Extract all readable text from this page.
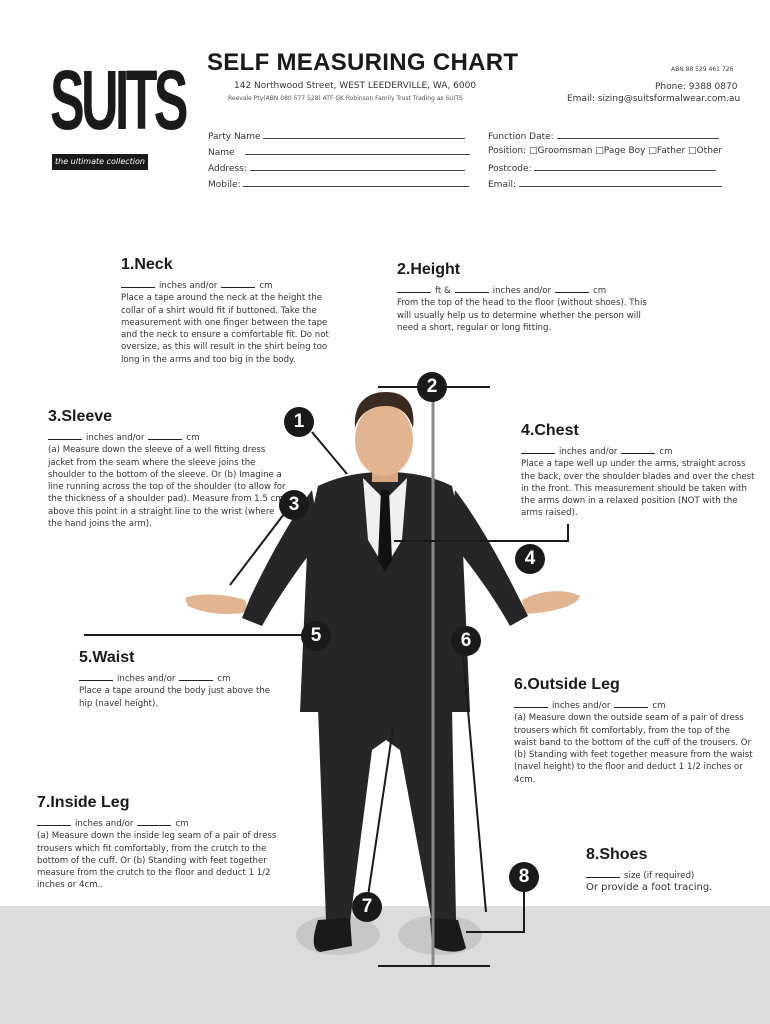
SUITS
the ultimate collection
SELF MEASURING CHART
142 Northwood Street, WEST LEEDERVILLE, WA, 6000
Reevale Pty(ABN 080 577 528) ATF GK Robinson Family Trust Trading as SUITS
ABN 88 529 461 726
Phone: 9388 0870
Email: sizing@suitsformalwear.com.au
Party Name
Name
Address:
Mobile:
Function Date:
Position: □Groomsman □Page Boy □Father □Other
Postcode:
Email:
1
2
3
4
5	6
7
8
1.Neck
inches and/or	cm
Place a tape around the neck at the height the collar of a shirt would fit if buttoned. Take the measurement with one finger between the tape and the neck to ensure a comfortable fit. Do not oversize, as this will result in the shirt being too long in the arms and too big in the body.
2.Height
ft &	inches and/or	cm
From the top of the head to the floor (without shoes). This will usually help us to determine whether the person will need a short, regular or long fitting.
3.Sleeve
inches and/or	cm
(a) Measure down the sleeve of a well fitting dress jacket from the seam where the sleeve joins the shoulder to the bottom of the sleeve. Or (b) Imagine a line running across the top of the shoulder (to allow for the thickness of a shoulder pad). Measure from 1.5 cm above this point in a straight line to the wrist (where the hand joins the arm).
4.Chest
inches and/or	cm
Place a tape well up under the arms, straight across the back, over the shoulder blades and over the chest in the front. This measurement should be taken with the arms down in a relaxed position (NOT with the arms raised).
5.Waist
inches and/or	cm
Place a tape around the body just above the hip (navel height).
6.Outside Leg
inches and/or	cm
(a) Measure down the outside seam of a pair of dress trousers which fit comfortably, from the top of the waist band to the bottom of the cuff of the trousers. Or (b) Standing with feet together measure from the waist (navel height) to the floor and deduct 1 1/2 inches or 4cm.
7.Inside Leg
inches and/or	cm
(a) Measure down the inside leg seam of a pair of dress trousers which fit comfortably, from the crutch to the bottom of the cuff. Or (b) Standing with feet together measure from the crutch to the floor and deduct 1 1/2 inches or 4cm..
8.Shoes
size (if required)
Or provide a foot tracing.
